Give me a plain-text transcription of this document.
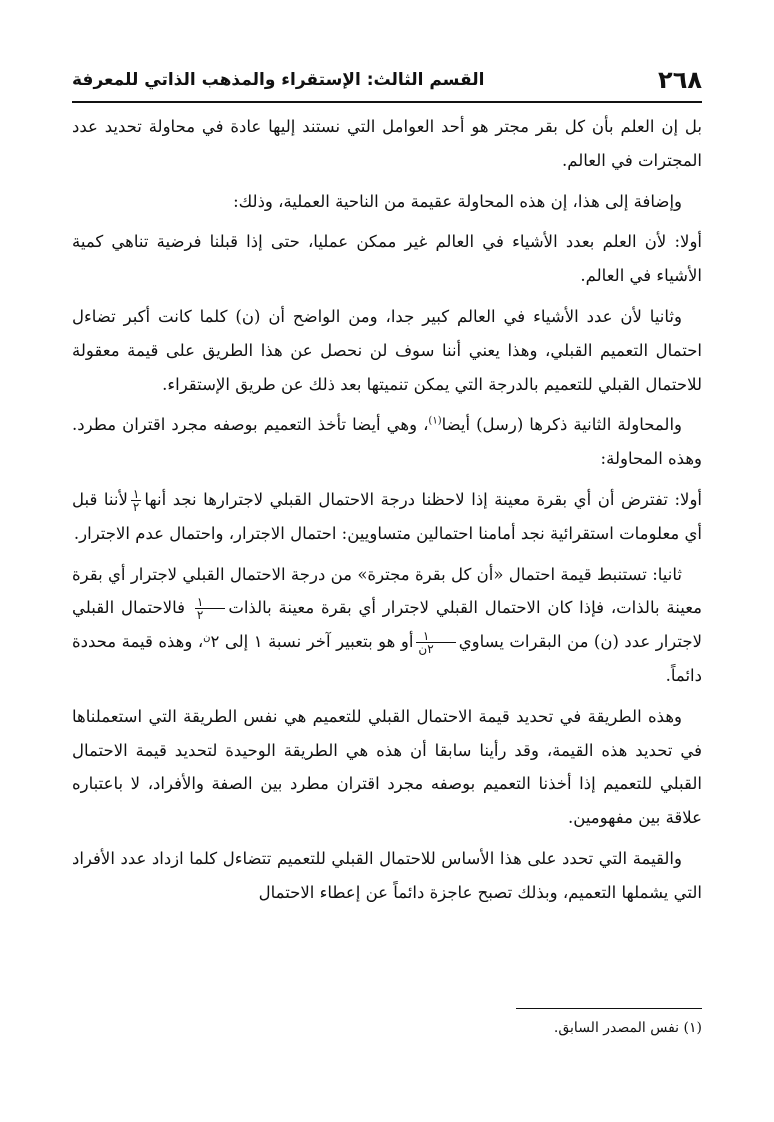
٢٦٨
القسم الثالث: الإستقراء والمذهب الذاتي للمعرفة

بل إن العلم بأن كل بقر مجتر هو أحد العوامل التي نستند إليها عادة في محاولة تحديد عدد المجترات في العالم.

وإضافة إلى هذا، إن هذه المحاولة عقيمة من الناحية العملية، وذلك:

أولا: لأن العلم بعدد الأشياء في العالم غير ممكن عمليا، حتى إذا قبلنا فرضية تناهي كمية الأشياء في العالم.

وثانيا لأن عدد الأشياء في العالم كبير جدا، ومن الواضح أن (ن) كلما كانت أكبر تضاءل احتمال التعميم القبلي، وهذا يعني أننا سوف لن نحصل عن هذا الطريق على قيمة معقولة للاحتمال القبلي للتعميم بالدرجة التي يمكن تنميتها بعد ذلك عن طريق الإستقراء.

والمحاولة الثانية ذكرها (رسل) أيضا$^{(١)}$، وهي أيضا تأخذ التعميم بوصفه مجرد اقتران مطرد. وهذه المحاولة:

أولا: تفترض أن أي بقرة معينة إذا لاحظنا درجة الاحتمال القبلي لاجترارها نجد أنها
$\frac{١}{٢}$
لأننا قبل أي معلومات استقرائية نجد أمامنا احتمالين متساويين: احتمال الاجترار، واحتمال عدم الاجترار.

ثانيا: تستنبط قيمة احتمال «أن كل بقرة مجترة» من درجة الاحتمال القبلي لاجترار أي بقرة معينة بالذات، فإذا كان الاحتمال القبلي لاجترار أي بقرة معينة بالذات
$\frac{١}{٢}$
فالاحتمال القبلي لاجترار عدد (ن) من البقرات يساوي
$\frac{١}{\text{٢ن}}$
أو هو بتعبير آخر نسبة ١ إلى $٢^ن،$ وهذه قيمة محددة دائماً.

وهذه الطريقة في تحديد قيمة الاحتمال القبلي للتعميم هي نفس الطريقة التي استعملناها في تحديد هذه القيمة، وقد رأينا سابقا أن هذه هي الطريقة الوحيدة لتحديد قيمة الاحتمال القبلي للتعميم إذا أخذنا التعميم بوصفه مجرد اقتران مطرد بين الصفة والأفراد، لا باعتباره علاقة بين مفهومين.

والقيمة التي تحدد على هذا الأساس للاحتمال القبلي للتعميم تتضاءل كلما ازداد عدد الأفراد التي يشملها التعميم، وبذلك تصبح عاجزة دائماً عن إعطاء الاحتمال

(١) نفس المصدر السابق.
